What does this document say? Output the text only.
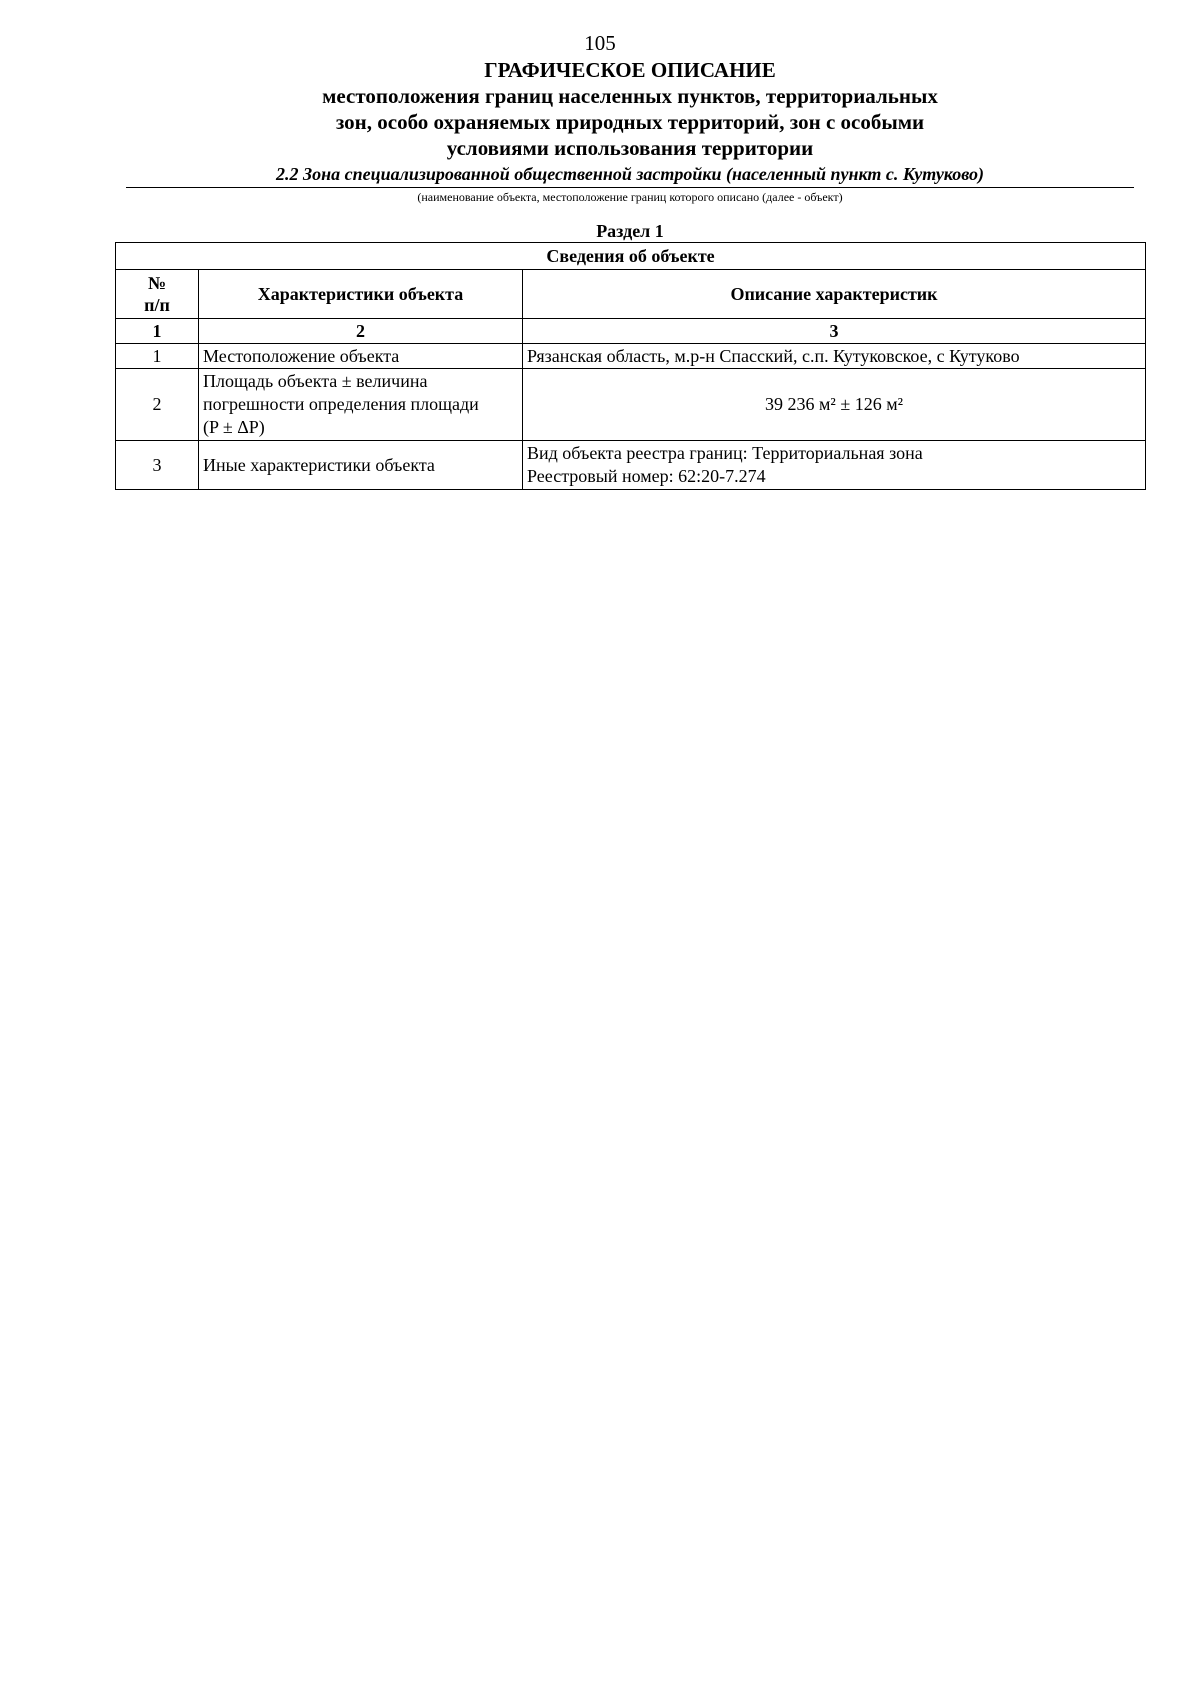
105
ГРАФИЧЕСКОЕ ОПИСАНИЕ
местоположения границ населенных пунктов, территориальных
зон, особо охраняемых природных территорий, зон с особыми
условиями использования территории
2.2 Зона специализированной общественной застройки (населенный пункт с. Кутуково)
(наименование объекта, местоположение границ которого описано (далее - объект)
Раздел 1
Сведения об объекте		

№
п/п	Характеристики объекта	Описание характеристик
1	2	3
1	Местоположение объекта	Рязанская область, м.р-н Спасский, с.п. Кутуковское, с Кутуково

2	Площадь объекта ± величина
погрешности определения площади
(P ± ΔP)	39 236 м² ± 126 м²

3	Иные характеристики объекта	Вид объекта реестра границ: Территориальная зона
Реестровый номер: 62:20-7.274
